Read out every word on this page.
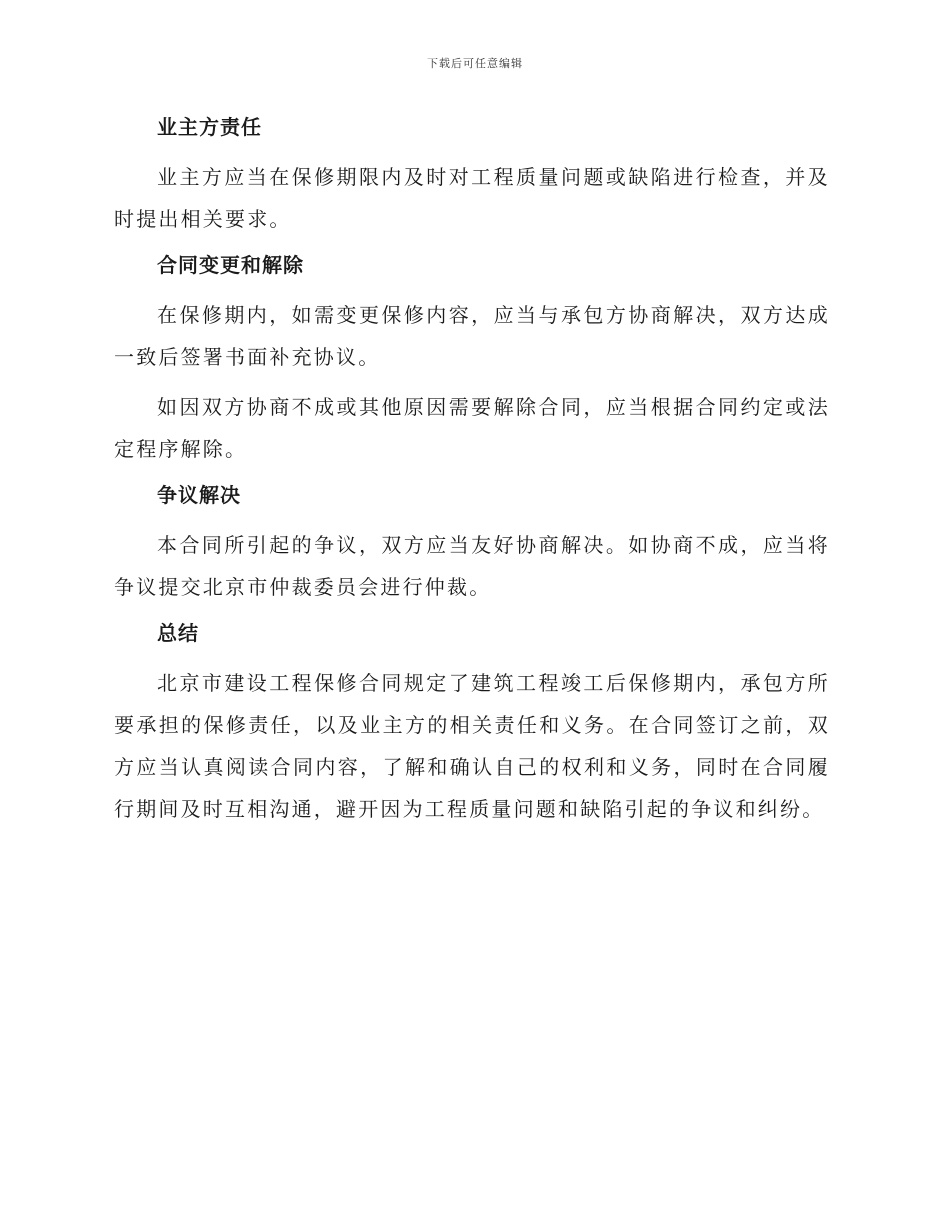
下载后可任意编辑
业主方责任

业主方应当在保修期限内及时对工程质量问题或缺陷进行检查，并及时提出相关要求。

合同变更和解除

在保修期内，如需变更保修内容，应当与承包方协商解决，双方达成一致后签署书面补充协议。

如因双方协商不成或其他原因需要解除合同，应当根据合同约定或法定程序解除。

争议解决

本合同所引起的争议，双方应当友好协商解决。如协商不成，应当将争议提交北京市仲裁委员会进行仲裁。

总结

北京市建设工程保修合同规定了建筑工程竣工后保修期内，承包方所要承担的保修责任，以及业主方的相关责任和义务。在合同签订之前，双方应当认真阅读合同内容，了解和确认自己的权利和义务，同时在合同履行期间及时互相沟通，避开因为工程质量问题和缺陷引起的争议和纠纷。
